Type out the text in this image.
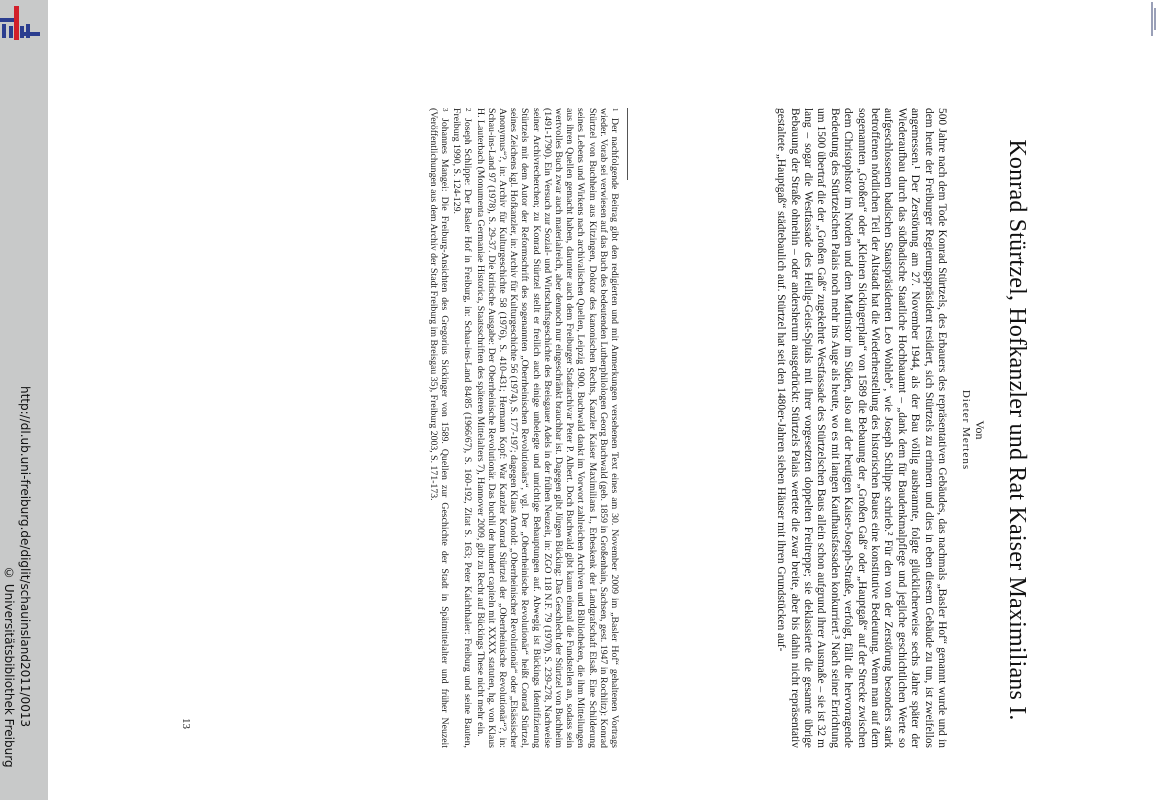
http://dl.ub.uni-freiburg.de/diglit/schauinsland2011/0013
© Universitätsbibliothek Freiburg	Konrad Stürtzel, Hofkanzler und Rat Kaiser Maximilians I.
Von
Dieter Mertens

500 Jahre nach dem Tode Konrad Stürtzels, des Erbauers des repräsentativen Gebäudes, das nachmals „Basler Hof“ genannt wurde und in dem heute der Freiburger Regierungspräsident residiert, sich Stürtzels zu erinnern und dies in eben diesem Gebäude zu tun, ist zweifellos angemessen.¹ Der Zerstörung am 27. November 1944, als der Bau völlig ausbrannte, folgte glücklicherweise sechs Jahre später der Wiederaufbau durch das südbadische Staatliche Hochbauamt – „dank dem für Baudenkmalpflege und jegliche geschichtlichen Werte so aufgeschlossenen badischen Staatspräsidenten Leo Wohleb“, wie Joseph Schlippe schrieb.² Für den von der Zerstörung besonders stark betroffenen nördlichen Teil der Altstadt hat die Wiederherstellung des historischen Baues eine konstitutive Bedeutung. Wenn man auf dem sogenannten „Großen“ oder „Kleinen Sickingerplan“ von 1589 die Bebauung der „Großen Gaß“ oder „Hauptgaß“ auf der Strecke zwischen dem Christophstor im Norden und dem Martinstor im Süden, also auf der heutigen Kaiser-Joseph-Straße, verfolgt, fällt die hervorragende Bedeutung des Stürtzelschen Palais noch mehr ins Auge als heute, wo es mit langen Kaufhausfassaden konkurriert.³ Nach seiner Errichtung um 1500 übertraf die der „Großen Gaß“ zugekehrte Westfassade des Stürtzelschen Baus allein schon aufgrund ihrer Ausmaße – sie ist 32 m lang – sogar die Westfassade des Heilig-Geist-Spitals mit ihrer vorgesetzten doppelten Freitreppe; sie deklassierte die gesamte übrige Bebauung der Straße ohnehin – oder andersherum ausgedrückt: Stürtzels Palais wertete die zwar breite, aber bis dahin nicht repräsentativ gestaltete „Hauptgaß“ städtebaulich auf. Stürtzel hat seit den 1480er-Jahren sieben Häuser mit ihren Grundstücken auf-

1Der nachfolgende Beitrag gibt den redigierten und mit Anmerkungen versehenen Text eines am 30. November 2009 im „Basler Hof“ gehaltenen Vortrags wieder. Vorab sei verwiesen auf das Buch des bedeutenden Lutherphilologen Georg Buchwald (geb. 1859 in Großenhain, Sachsen, gest. 1947 in Rochlitz): Konrad Stürtzel von Buchheim aus Kitzingen, Doktor des kanonischen Rechts, Kanzler Kaiser Maximilians I., Erbeskenk der Landgrafschaft Elsaß. Eine Schilderung seines Lebens und Wirkens nach archivalischen Quellen, Leipzig 1900. Buchwald dankt im Vorwort zahlreichen Archiven und Bibliotheken, die ihm Mitteilungen aus ihren Quellen gemacht haben, darunter auch dem Freiburger Stadtarchivar Peter P. Albert. Doch Buchwald gibt kaum einmal die Fundstellen an, sodass sein wertvolles Buch zwar auch materialreich, aber dennoch nur eingeschränkt brauchbar ist. Dagegen gibt Jürgen Bücking: Das Geschlecht der Stürtzel von Buchheim (1491-1790). Ein Versuch zur Sozial- und Wirtschaftsgeschichte des Breisgauer Adels in der frühen Neuzeit, in: ZGO 118 N.F. 79 (1970), S. 239-278, Nachweise seiner Archivrecherchen; zu Konrad Stürtzel stellt er freilich auch einige unbelegte und unrichtige Behauptungen auf. Abwegig ist Bückings Identifizierung Stürtzels mit dem Autor der Reformschrift des sogenannten „Oberrheinischen Revolutionärs“, vgl. Der „Oberrheinische Revolutionär“ heißt Conrad Stürtzel, seines Zeichens kgl. Hofkanzler, in: Archiv für Kulturgeschichte 56 (1974), S. 177-197; dagegen Klaus Arnold: „Oberrheinischer Revolutionär“ oder „Elsässischer Anonymus“?, in: Archiv für Kulturgeschichte 58 (1976), S. 410-431; Hermann Kopf: War Kanzler Konrad Stürtzel der „Oberrheinische Revolutionär“?, in: Schau-ins-Land 97 (1978), S. 29-37. Die kritische Ausgabe: Der Oberrheinische Revolutionär. Das buchli der hundert capiteln mit XXXX statuten, hg. von Klaus H. Lauterbach (Monumenta Germaniae Historica, Staatsschriften des späteren Mittelalters 7), Hannover 2009, gibt zu Recht auf Bückings These nicht mehr ein.

2Joseph Schlippe: Der Basler Hof in Freiburg, in: Schau-ins-Land 84/85 (1966/67), S. 160-192, Zitat S. 163; Peter Kalchthaler: Freiburg und seine Bauten, Freiburg 1990, S. 124-129.

3Johannes Mangei: Die Freiburg-Ansichten des Gregorius Sickinger von 1589. Quellen zur Geschichte der Stadt in Spätmittelalter und früher Neuzeit (Veröffentlichungen aus dem Archiv der Stadt Freiburg im Breisgau 35), Freiburg 2003, S. 171-173.

13
